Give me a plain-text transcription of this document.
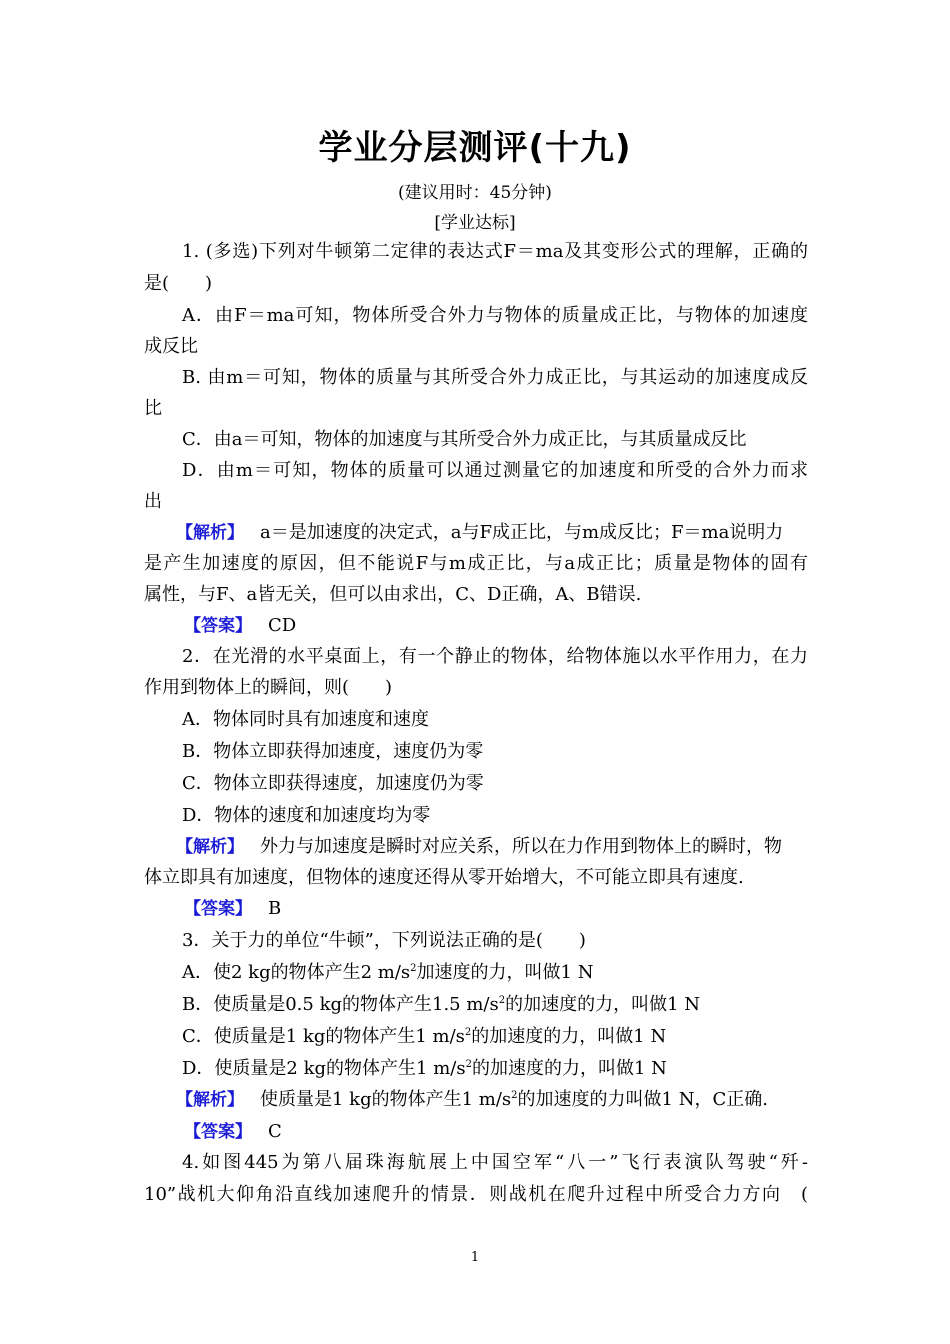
学业分层测评(十九)
(建议用时：45分钟)
[学业达标]
1. (多选)下列对牛顿第二定律的表达式F＝ma及其变形公式的理解，正确的
是(　　)
A．由F＝ma可知，物体所受合外力与物体的质量成正比，与物体的加速度
成反比
B. 由m＝可知，物体的质量与其所受合外力成正比，与其运动的加速度成反
比
C．由a＝可知，物体的加速度与其所受合外力成正比，与其质量成反比
D．由m＝可知，物体的质量可以通过测量它的加速度和所受的合外力而求
出
【解析】 a＝是加速度的决定式，a与F成正比，与m成反比；F＝ma说明力
是产生加速度的原因，但不能说F与m成正比，与a成正比；质量是物体的固有
属性，与F、a皆无关，但可以由求出，C、D正确，A、B错误.
【答案】 CD
2．在光滑的水平桌面上，有一个静止的物体，给物体施以水平作用力，在力
作用到物体上的瞬间，则(　　)
A．物体同时具有加速度和速度
B．物体立即获得加速度，速度仍为零
C．物体立即获得速度，加速度仍为零
D．物体的速度和加速度均为零
【解析】 外力与加速度是瞬时对应关系，所以在力作用到物体上的瞬时，物
体立即具有加速度，但物体的速度还得从零开始增大，不可能立即具有速度.
【答案】 B
3．关于力的单位“牛顿”，下列说法正确的是(　　)
A．使2 kg的物体产生2 $m/s^2$加速度的力，叫做1 N
B．使质量是0.5 kg的物体产生1.5 $m/s^2$的加速度的力，叫做1 N
C．使质量是1 kg的物体产生1 $m/s^2$的加速度的力，叫做1 N
D．使质量是2 kg的物体产生1 $m/s^2$的加速度的力，叫做1 N
【解析】 使质量是1 kg的物体产生1 $m/s^2$的加速度的力叫做1 N，C正确.
【答案】 C
4.如图445为第八届珠海航展上中国空军“八一”飞行表演队驾驶“歼-
10”战机大仰角沿直线加速爬升的情景．则战机在爬升过程中所受合力方向　(
1
